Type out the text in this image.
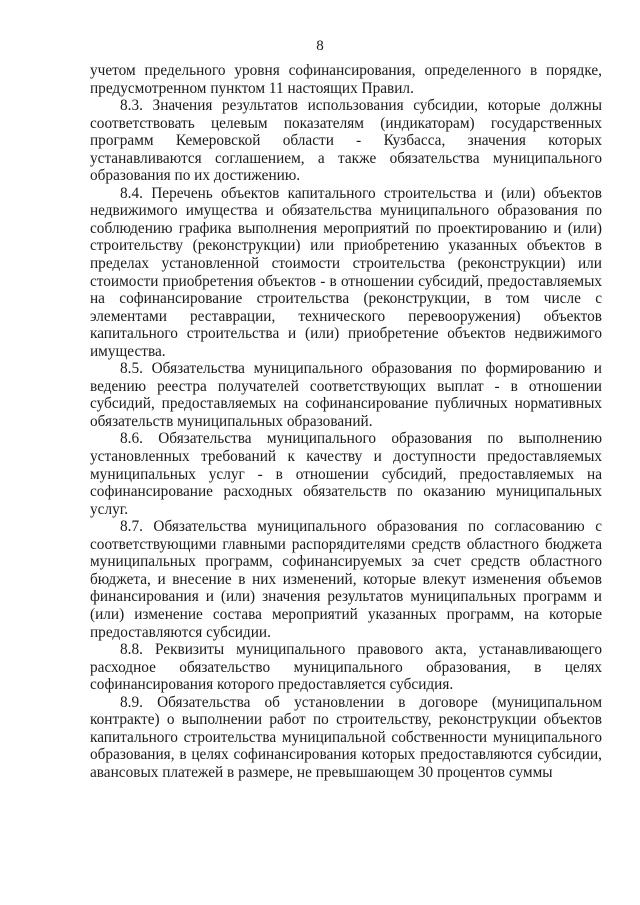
8

учетом предельного уровня софинансирования, определенного в порядке, предусмотренном пунктом 11 настоящих Правил.

8.3. Значения результатов использования субсидии, которые должны соответствовать целевым показателям (индикаторам) государственных программ Кемеровской области - Кузбасса, значения которых устанавливаются соглашением, а также обязательства муниципального образования по их достижению.

8.4. Перечень объектов капитального строительства и (или) объектов недвижимого имущества и обязательства муниципального образования по соблюдению графика выполнения мероприятий по проектированию и (или) строительству (реконструкции) или приобретению указанных объектов в пределах установленной стоимости строительства (реконструкции) или стоимости приобретения объектов - в отношении субсидий, предоставляемых на софинансирование строительства (реконструкции, в том числе с элементами реставрации, технического перевооружения) объектов капитального строительства и (или) приобретение объектов недвижимого имущества.

8.5. Обязательства муниципального образования по формированию и ведению реестра получателей соответствующих выплат - в отношении субсидий, предоставляемых на софинансирование публичных нормативных обязательств муниципальных образований.

8.6. Обязательства муниципального образования по выполнению установленных требований к качеству и доступности предоставляемых муниципальных услуг - в отношении субсидий, предоставляемых на софинансирование расходных обязательств по оказанию муниципальных услуг.

8.7. Обязательства муниципального образования по согласованию с соответствующими главными распорядителями средств областного бюджета муниципальных программ, софинансируемых за счет средств областного бюджета, и внесение в них изменений, которые влекут изменения объемов финансирования и (или) значения результатов муниципальных программ и (или) изменение состава мероприятий указанных программ, на которые предоставляются субсидии.

8.8. Реквизиты муниципального правового акта, устанавливающего расходное обязательство муниципального образования, в целях софинансирования которого предоставляется субсидия.

8.9. Обязательства об установлении в договоре (муниципальном контракте) о выполнении работ по строительству, реконструкции объектов капитального строительства муниципальной собственности муниципального образования, в целях софинансирования которых предоставляются субсидии, авансовых платежей в размере, не превышающем 30 процентов суммы
